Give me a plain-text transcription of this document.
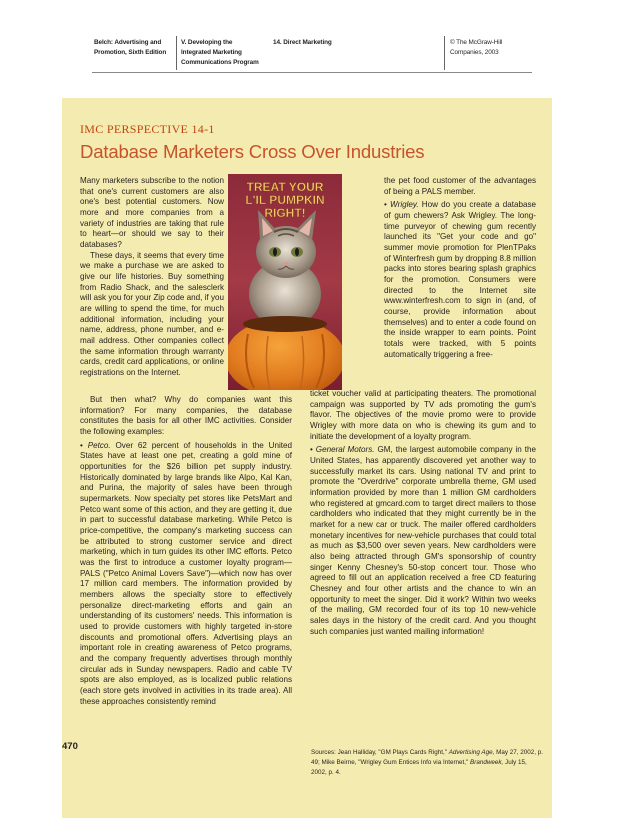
Belch: Advertising and
Promotion, Sixth Edition
V. Developing the
Integrated Marketing
Communications Program
14. Direct Marketing	© The McGraw-Hill
Companies, 2003
IMC PERSPECTIVE 14-1
Database Marketers Cross Over Industries
TREAT YOUR
L'IL PUMPKIN
RIGHT!

Many marketers subscribe to the notion that one's current customers are also one's best potential customers. Now more and more companies from a variety of industries are taking that rule to heart—or should we say to their databases?

These days, it seems that every time we make a purchase we are asked to give our life histories. Buy something from Radio Shack, and the salesclerk will ask you for your Zip code and, if you are willing to spend the time, for much additional information, including your name, address, phone number, and e-mail address. Other companies collect the same information through warranty cards, credit card applications, or online registrations on the Internet.

But then what? Why do companies want this information? For many companies, the database constitutes the basis for all other IMC activities. Consider the following examples:

• Petco. Over 62 percent of households in the United States have at least one pet, creating a gold mine of opportunities for the $26 billion pet supply industry. Historically dominated by large brands like Alpo, Kal Kan, and Purina, the majority of sales have been through supermarkets. Now specialty pet stores like PetsMart and Petco want some of this action, and they are getting it, due in part to successful database marketing. While Petco is price-competitive, the company's marketing success can be attributed to strong customer service and direct marketing, which in turn guides its other IMC efforts. Petco was the first to introduce a customer loyalty program—PALS ("Petco Animal Lovers Save")—which now has over 17 million card members. The information provided by members allows the specialty store to effectively personalize direct-marketing efforts and gain an understanding of its customers' needs. This information is used to provide customers with highly targeted in-store discounts and promotional offers. Advertising plays an important role in creating awareness of Petco programs, and the company frequently advertises through monthly circular ads in Sunday newspapers. Radio and cable TV spots are also employed, as is localized public relations (each store gets involved in activities in its trade area). All these approaches consistently remind

the pet food customer of the advantages of being a PALS member.

• Wrigley. How do you create a database of gum chewers? Ask Wrigley. The long-time purveyor of chewing gum recently launched its "Get your code and go" summer movie promotion for PlenTPaks of Winterfresh gum by dropping 8.8 million packs into stores bearing splash graphics for the promotion. Consumers were directed to the Internet site www.winterfresh.com to sign in (and, of course, provide information about themselves) and to enter a code found on the inside wrapper to earn points. Point totals were tracked, with 5 points automatically triggering a free-

ticket voucher valid at participating theaters. The promotional campaign was supported by TV ads promoting the gum's flavor. The objectives of the movie promo were to provide Wrigley with more data on who is chewing its gum and to initiate the development of a loyalty program.

• General Motors. GM, the largest automobile company in the United States, has apparently discovered yet another way to successfully market its cars. Using national TV and print to promote the "Overdrive" corporate umbrella theme, GM used information provided by more than 1 million GM cardholders who registered at gmcard.com to target direct mailers to those cardholders who indicated that they might currently be in the market for a new car or truck. The mailer offered cardholders monetary incentives for new-vehicle purchases that could total as much as $3,500 over seven years. New cardholders were also being attracted through GM's sponsorship of country singer Kenny Chesney's 50-stop concert tour. Those who agreed to fill out an application received a free CD featuring Chesney and four other artists and the chance to win an opportunity to meet the singer. Did it work? Within two weeks of the mailing, GM recorded four of its top 10 new-vehicle sales days in the history of the credit card. And you thought such companies just wanted mailing information!

Sources: Jean Halliday, "GM Plays Cards Right," Advertising Age, May 27, 2002, p. 49; Mike Beirne, "Wrigley Gum Entices Info via Internet," Brandweek, July 15, 2002, p. 4.
470
